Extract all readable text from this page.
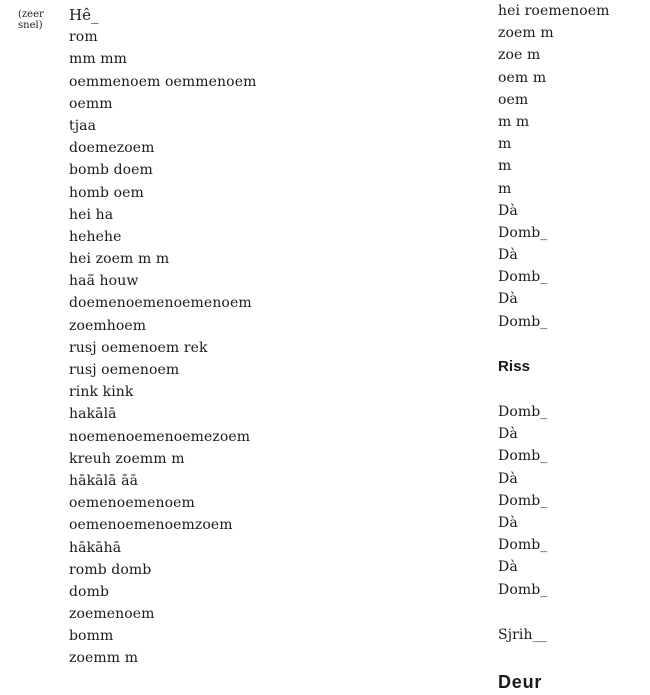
(zeer snel)
Hê_
rom
mm mm
oemmenoem oemmenoem
oemm
tjaa
doemezoem
bomb doem
homb oem
hei ha
hehehe
hei zoem m m
haā̄ houw
doemenoemenoemenoem
zoemhoem
rusj oemenoem rek
rusj oemenoem
rink kink
hakālā
noemenoemenoemezoem
kreuh zoemm m
hākālā āā
oemenoemenoem
oemenoemenoemzoem
hākāhā
romb domb
domb
zoemenoem
bomm
zoemm m
hei roemenoem
zoem m
zoe m
oem m
oem
m m
m
m
m
Dà
Domb_
Dà
Domb_
Dà
Domb_
Riss
Domb_
Dà
Domb_
Dà
Domb_
Dà
Domb_
Dà
Domb_
Sjrih__
Deur
